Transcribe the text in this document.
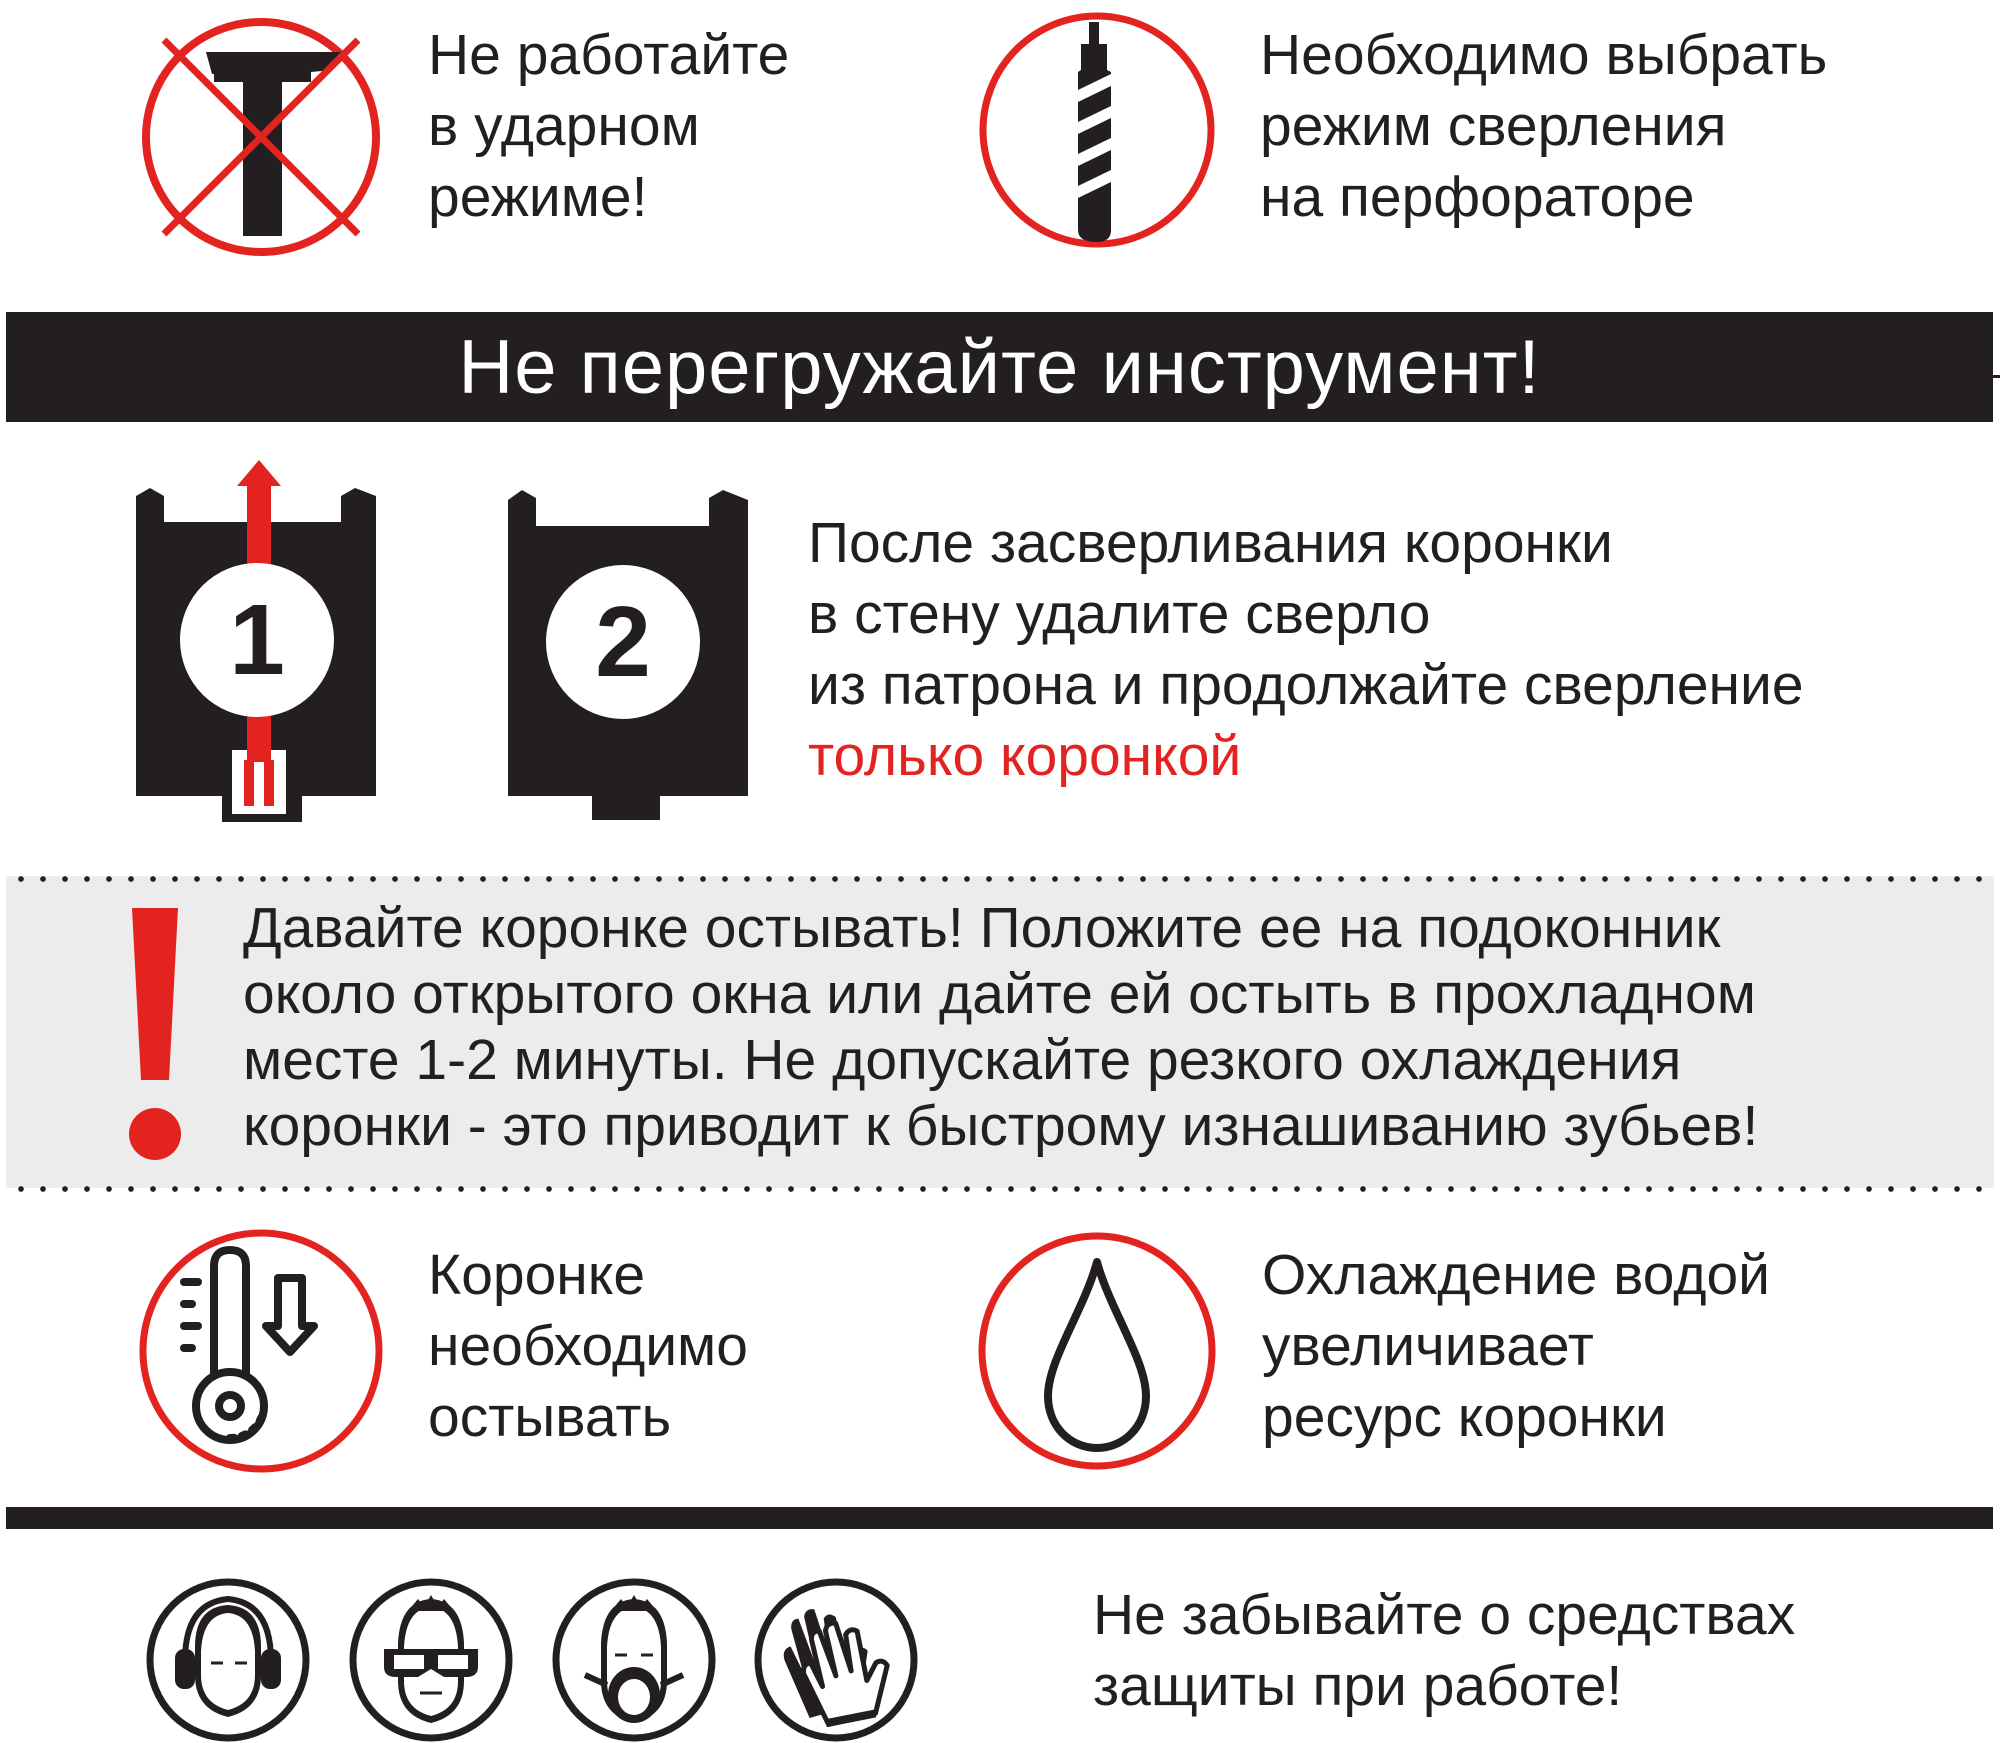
Не работайте
в ударном
режиме!
Необходимо выбрать
режим сверления
на перфораторе
Не перегружайте инструмент!
1	2
После засверливания коронки
в стену удалите сверло
из патрона и продолжайте сверление
только коронкой
Давайте коронке остывать! Положите ее на подоконник
около открытого окна или дайте ей остыть в прохладном
месте 1-2 минуты. Не допускайте резкого охлаждения
коронки - это приводит к быстрому изнашиванию зубьев!
Коронке
необходимо
остывать
Охлаждение водой
увеличивает
ресурс коронки
Не забывайте о средствах
защиты при работе!
